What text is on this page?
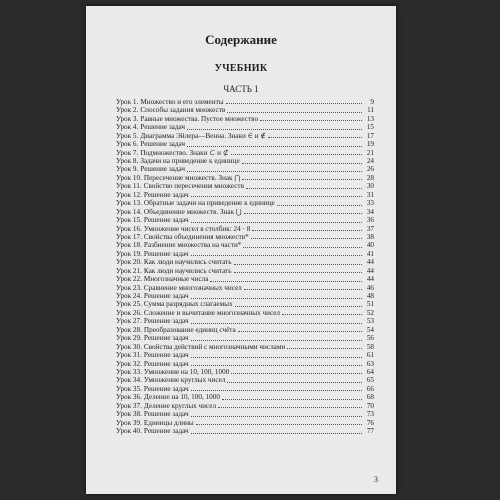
Содержание
УЧЕБНИК
ЧАСТЬ 1
Урок 1. Множество и его элементы	9
Урок 2. Способы задания множеств	11
Урок 3. Равные множества. Пустое множество	13
Урок 4. Решение задач	15
Урок 5. Диаграмма Эйлера—Венна. Знаки ∈ и ∉	17
Урок 6. Решение задач	19
Урок 7. Подмножество. Знаки ⊂ и ⊄	21
Урок 8. Задачи на приведение к единице	24
Урок 9. Решение задач	26
Урок 10. Пересечение множеств. Знак ⋂	28
Урок 11. Свойство пересечения множеств	30
Урок 12. Решение задач	31
Урок 13. Обратные задачи на приведение к единице	33
Урок 14. Объединение множеств. Знак ⋃	34
Урок 15. Решение задач	36
Урок 16. Умножение чисел в столбик: 24 · 8	37
Урок 17. Свойства объединения множеств*	38
Урок 18. Разбиение множества на части*	40
Урок 19. Решение задач	41
Урок 20. Как люди научились считать	44
Урок 21. Как люди научились считать	44
Урок 22. Многозначные числа	44
Урок 23. Сравнение многозначных чисел	46
Урок 24. Решение задач	48
Урок 25. Сумма разрядных слагаемых	51
Урок 26. Сложение и вычитание многозначных чисел	52
Урок 27. Решение задач	53
Урок 28. Преобразование единиц счёта	54
Урок 29. Решение задач	56
Урок 30. Свойства действий с многозначными числами	58
Урок 31. Решение задач	61
Урок 32. Решение задач	63
Урок 33. Умножение на 10, 100, 1000	64
Урок 34. Умножение круглых чисел	65
Урок 35. Решение задач	66
Урок 36. Деление на 10, 100, 1000	68
Урок 37. Деление круглых чисел	70
Урок 38. Решение задач	73
Урок 39. Единицы длины	76
Урок 40. Решение задач	77
3
